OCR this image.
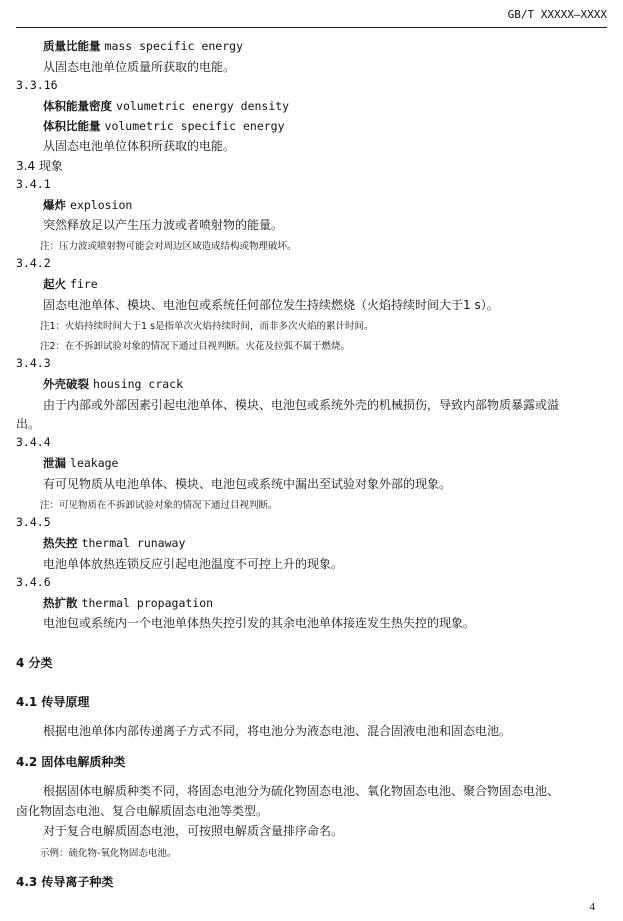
GB/T XXXXX—XXXX
质量比能量 mass specific energy
从固态电池单位质量所获取的电能。
3.3.16
体积能量密度 volumetric energy density
体积比能量 volumetric specific energy
从固态电池单位体积所获取的电能。
3.4 现象
3.4.1
爆炸 explosion
突然释放足以产生压力波或者喷射物的能量。
注：压力波或喷射物可能会对周边区域造成结构或物理破坏。
3.4.2
起火 fire
固态电池单体、模块、电池包或系统任何部位发生持续燃烧（火焰持续时间大于1 s）。
注1：火焰持续时间大于1 s是指单次火焰持续时间，而非多次火焰的累计时间。
注2：在不拆卸试验对象的情况下通过目视判断。火花及拉弧不属于燃烧。
3.4.3
外壳破裂 housing crack
由于内部或外部因素引起电池单体、模块、电池包或系统外壳的机械损伤，导致内部物质暴露或溢
出。
3.4.4
泄漏 leakage
有可见物质从电池单体、模块、电池包或系统中漏出至试验对象外部的现象。
注：可见物质在不拆卸试验对象的情况下通过目视判断。
3.4.5
热失控 thermal runaway
电池单体放热连锁反应引起电池温度不可控上升的现象。
3.4.6
热扩散 thermal propagation
电池包或系统内一个电池单体热失控引发的其余电池单体接连发生热失控的现象。
4 分类
4.1 传导原理
根据电池单体内部传递离子方式不同，将电池分为液态电池、混合固液电池和固态电池。
4.2 固体电解质种类
根据固体电解质种类不同，将固态电池分为硫化物固态电池、氧化物固态电池、聚合物固态电池、
卤化物固态电池、复合电解质固态电池等类型。
对于复合电解质固态电池，可按照电解质含量排序命名。
示例：硫化物-氧化物固态电池。
4.3 传导离子种类
4
